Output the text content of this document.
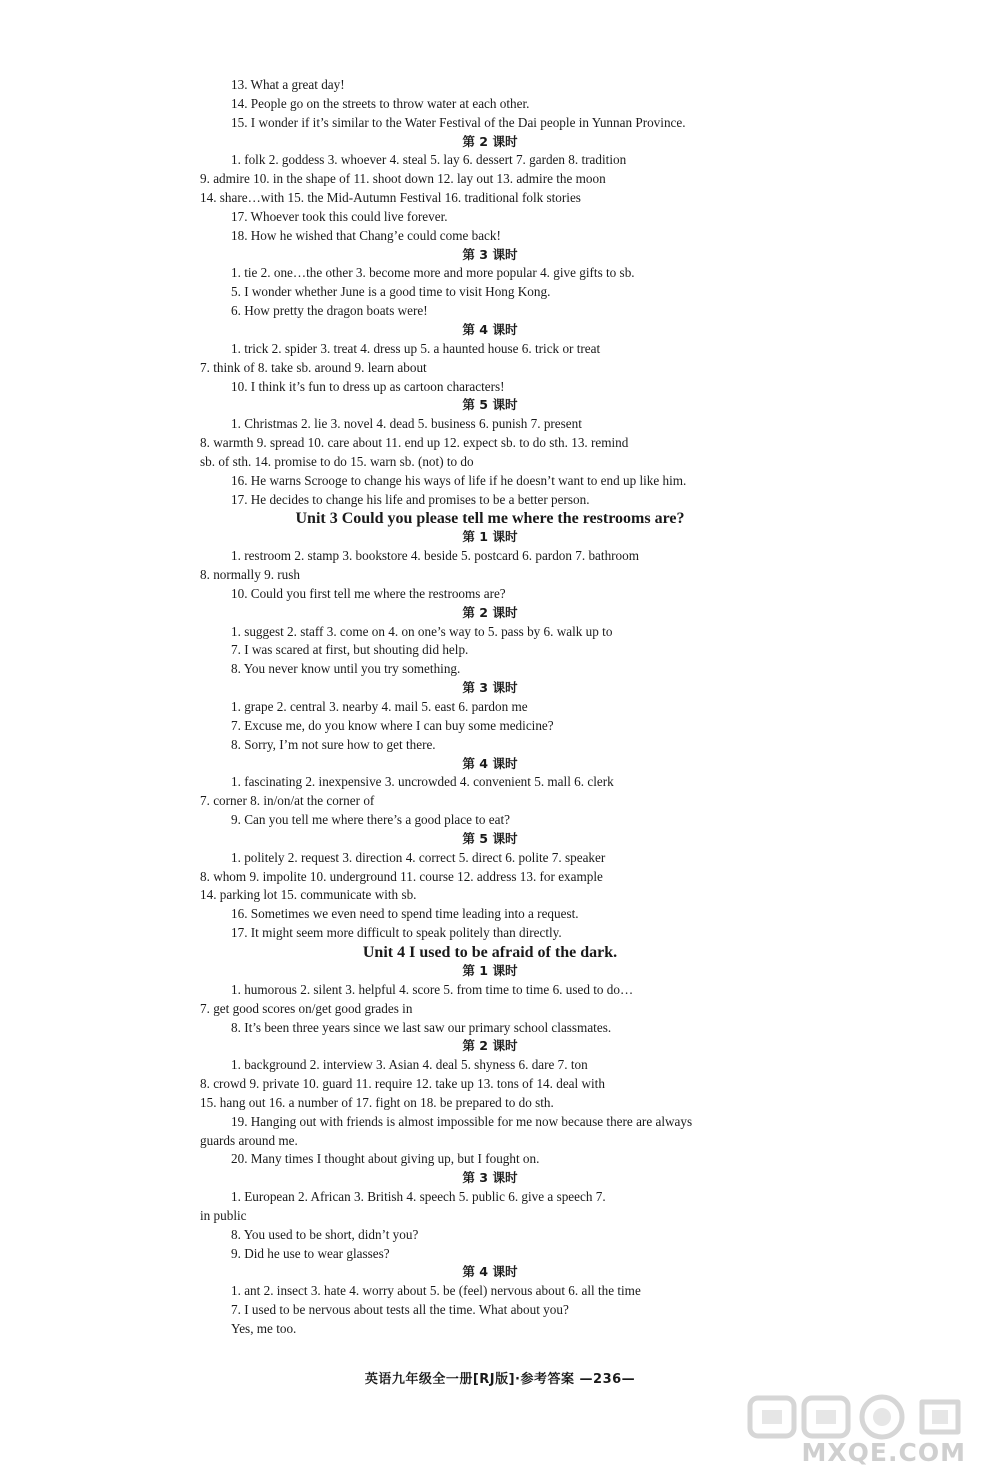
13. What a great day!
14. People go on the streets to throw water at each other.
15. I wonder if it’s similar to the Water Festival of the Dai people in Yunnan Province.
第 2 课时
1. folk 2. goddess 3. whoever 4. steal 5. lay 6. dessert 7. garden 8. tradition
9. admire 10. in the shape of 11. shoot down 12. lay out 13. admire the moon
14. share…with 15. the Mid-Autumn Festival 16. traditional folk stories
17. Whoever took this could live forever.
18. How he wished that Chang’e could come back!
第 3 课时
1. tie 2. one…the other 3. become more and more popular 4. give gifts to sb.
5. I wonder whether June is a good time to visit Hong Kong.
6. How pretty the dragon boats were!
第 4 课时
1. trick 2. spider 3. treat 4. dress up 5. a haunted house 6. trick or treat
7. think of 8. take sb. around 9. learn about
10. I think it’s fun to dress up as cartoon characters!
第 5 课时
1. Christmas 2. lie 3. novel 4. dead 5. business 6. punish 7. present
8. warmth 9. spread 10. care about 11. end up 12. expect sb. to do sth. 13. remind
sb. of sth. 14. promise to do 15. warn sb. (not) to do
16. He warns Scrooge to change his ways of life if he doesn’t want to end up like him.
17. He decides to change his life and promises to be a better person.
Unit 3 Could you please tell me where the restrooms are?
第 1 课时
1. restroom 2. stamp 3. bookstore 4. beside 5. postcard 6. pardon 7. bathroom
8. normally 9. rush
10. Could you first tell me where the restrooms are?
第 2 课时
1. suggest 2. staff 3. come on 4. on one’s way to 5. pass by 6. walk up to
7. I was scared at first, but shouting did help.
8. You never know until you try something.
第 3 课时
1. grape 2. central 3. nearby 4. mail 5. east 6. pardon me
7. Excuse me, do you know where I can buy some medicine?
8. Sorry, I’m not sure how to get there.
第 4 课时
1. fascinating 2. inexpensive 3. uncrowded 4. convenient 5. mall 6. clerk
7. corner 8. in/on/at the corner of
9. Can you tell me where there’s a good place to eat?
第 5 课时
1. politely 2. request 3. direction 4. correct 5. direct 6. polite 7. speaker
8. whom 9. impolite 10. underground 11. course 12. address 13. for example
14. parking lot 15. communicate with sb.
16. Sometimes we even need to spend time leading into a request.
17. It might seem more difficult to speak politely than directly.
Unit 4 I used to be afraid of the dark.
第 1 课时
1. humorous 2. silent 3. helpful 4. score 5. from time to time 6. used to do…
7. get good scores on/get good grades in
8. It’s been three years since we last saw our primary school classmates.
第 2 课时
1. background 2. interview 3. Asian 4. deal 5. shyness 6. dare 7. ton
8. crowd 9. private 10. guard 11. require 12. take up 13. tons of 14. deal with
15. hang out 16. a number of 17. fight on 18. be prepared to do sth.
19. Hanging out with friends is almost impossible for me now because there are always
guards around me.
20. Many times I thought about giving up, but I fought on.
第 3 课时
1. European 2. African 3. British 4. speech 5. public 6. give a speech 7.
in public
8. You used to be short, didn’t you?
9. Did he use to wear glasses?
第 4 课时
1. ant 2. insect 3. hate 4. worry about 5. be (feel) nervous about 6. all the time
7. I used to be nervous about tests all the time. What about you?
Yes, me too.
英语九年级全一册[RJ版]·参考答案 —236—
MXQE.COM
